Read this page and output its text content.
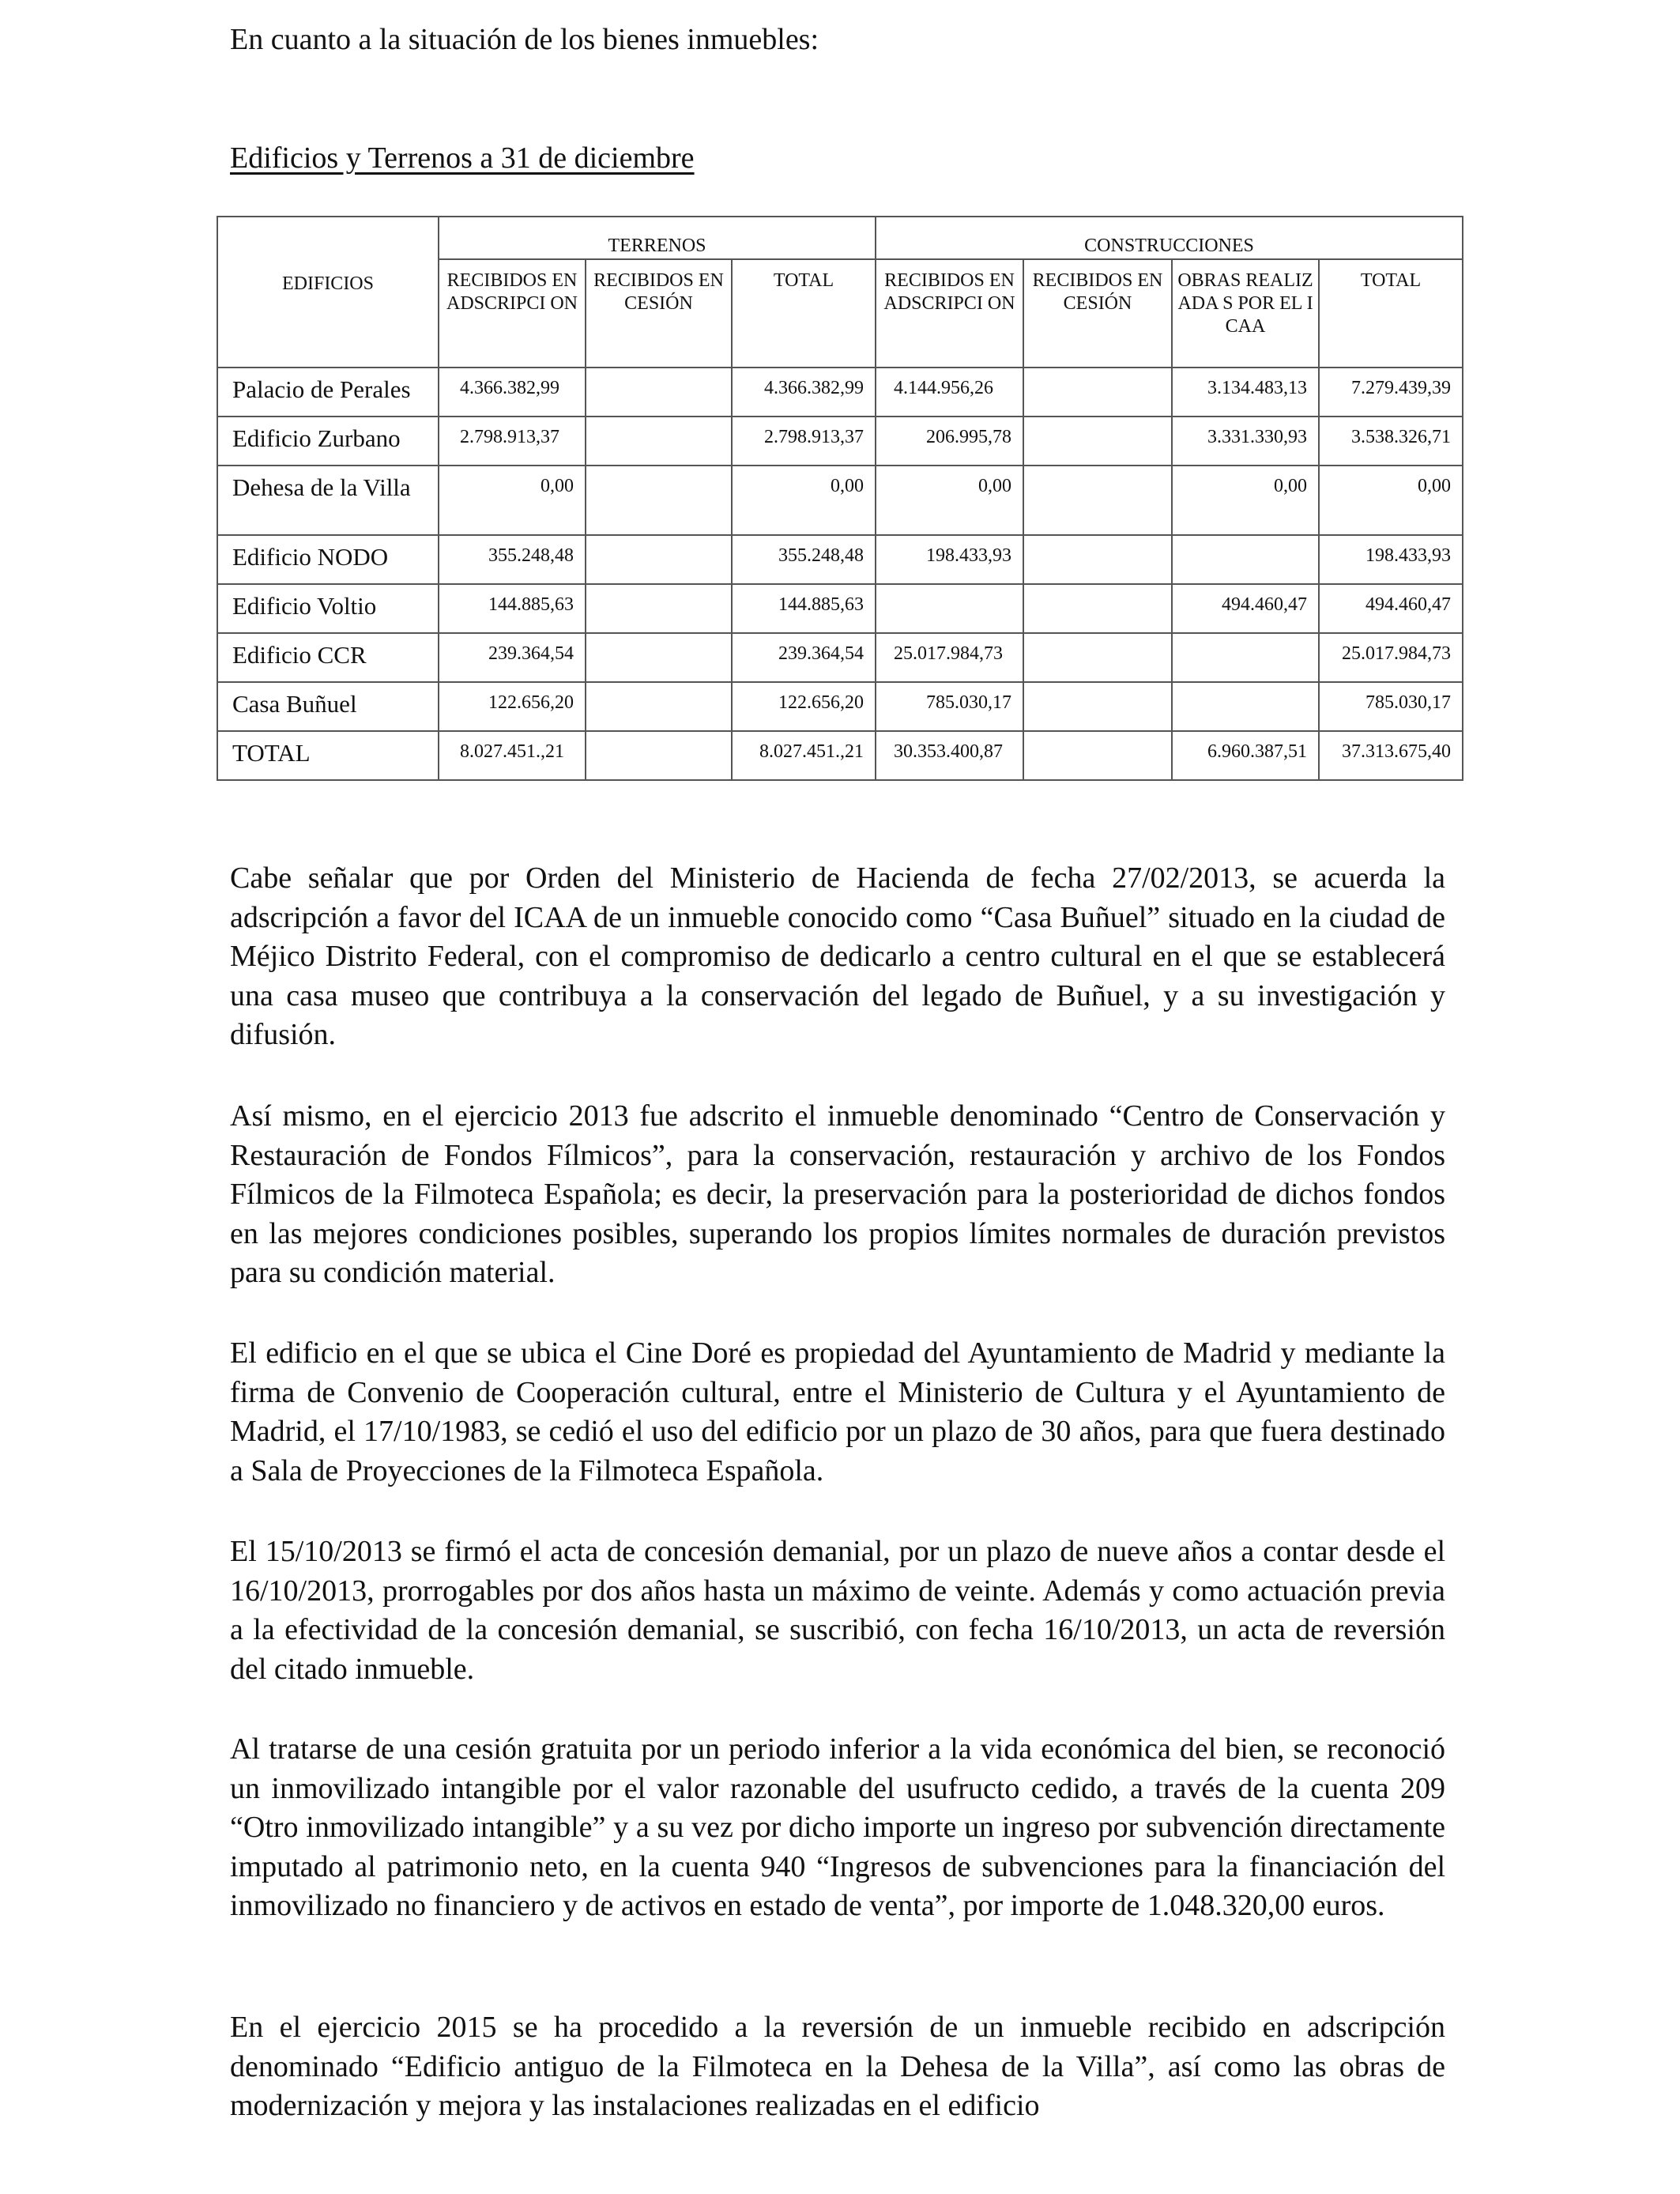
En cuanto a la situación de los bienes inmuebles:

Edificios y Terrenos a 31 de diciembre

EDIFICIOS	TERRENOS			CONSTRUCCIONES			
	RECIBIDOS EN ADSCRIPCI ON	RECIBIDOS EN CESIÓN	TOTAL	RECIBIDOS EN ADSCRIPCI ON	RECIBIDOS EN CESIÓN	OBRAS REALIZADA S POR EL ICAA	TOTAL
Palacio de Perales	4.366.382,99		4.366.382,99	4.144.956,26		3.134.483,13	7.279.439,39
Edificio Zurbano	2.798.913,37		2.798.913,37	206.995,78		3.331.330,93	3.538.326,71
Dehesa de la Villa	0,00		0,00	0,00		0,00	0,00
Edificio NODO	355.248,48		355.248,48	198.433,93			198.433,93
Edificio Voltio	144.885,63		144.885,63			494.460,47	494.460,47
Edificio CCR	239.364,54		239.364,54	25.017.984,73			25.017.984,73
Casa Buñuel	122.656,20		122.656,20	785.030,17			785.030,17
TOTAL	8.027.451.,21		8.027.451.,21	30.353.400,87		6.960.387,51	37.313.675,40

Cabe señalar que por Orden del Ministerio de Hacienda de fecha 27/02/2013, se acuerda la adscripción a favor del ICAA de un inmueble conocido como “Casa Buñuel” situado en la ciudad de Méjico Distrito Federal, con el compromiso de dedicarlo a centro cultural en el que se establecerá una casa museo que contribuya a la conservación del legado de Buñuel, y a su investigación y difusión.

Así mismo, en el ejercicio 2013 fue adscrito el inmueble denominado “Centro de Conservación y Restauración de Fondos Fílmicos”, para la conservación, restauración y archivo de los Fondos Fílmicos de la Filmoteca Española; es decir, la preservación para la posterioridad de dichos fondos en las mejores condiciones posibles, superando los propios límites normales de duración previstos para su condición material.

El edificio en el que se ubica el Cine Doré es propiedad del Ayuntamiento de Madrid y mediante la firma de Convenio de Cooperación cultural, entre el Ministerio de Cultura y el Ayuntamiento de Madrid, el 17/10/1983, se cedió el uso del edificio por un plazo de 30 años, para que fuera destinado a Sala de Proyecciones de la Filmoteca Española.

El 15/10/2013 se firmó el acta de concesión demanial, por un plazo de nueve años a contar desde el 16/10/2013, prorrogables por dos años hasta un máximo de veinte. Además y como actuación previa a la efectividad de la concesión demanial, se suscribió, con fecha 16/10/2013, un acta de reversión del citado inmueble.

Al tratarse de una cesión gratuita por un periodo inferior a la vida económica del bien, se reconoció un inmovilizado intangible por el valor razonable del usufructo cedido, a través de la cuenta 209 “Otro inmovilizado intangible” y a su vez por dicho importe un ingreso por subvención directamente imputado al patrimonio neto, en la cuenta 940 “Ingresos de subvenciones para la financiación del inmovilizado no financiero y de activos en estado de venta”, por importe de 1.048.320,00 euros.

En el ejercicio 2015 se ha procedido a la reversión de un inmueble recibido en adscripción denominado “Edificio antiguo de la Filmoteca en la Dehesa de la Villa”, así como las obras de modernización y mejora y las instalaciones realizadas en el edificio
